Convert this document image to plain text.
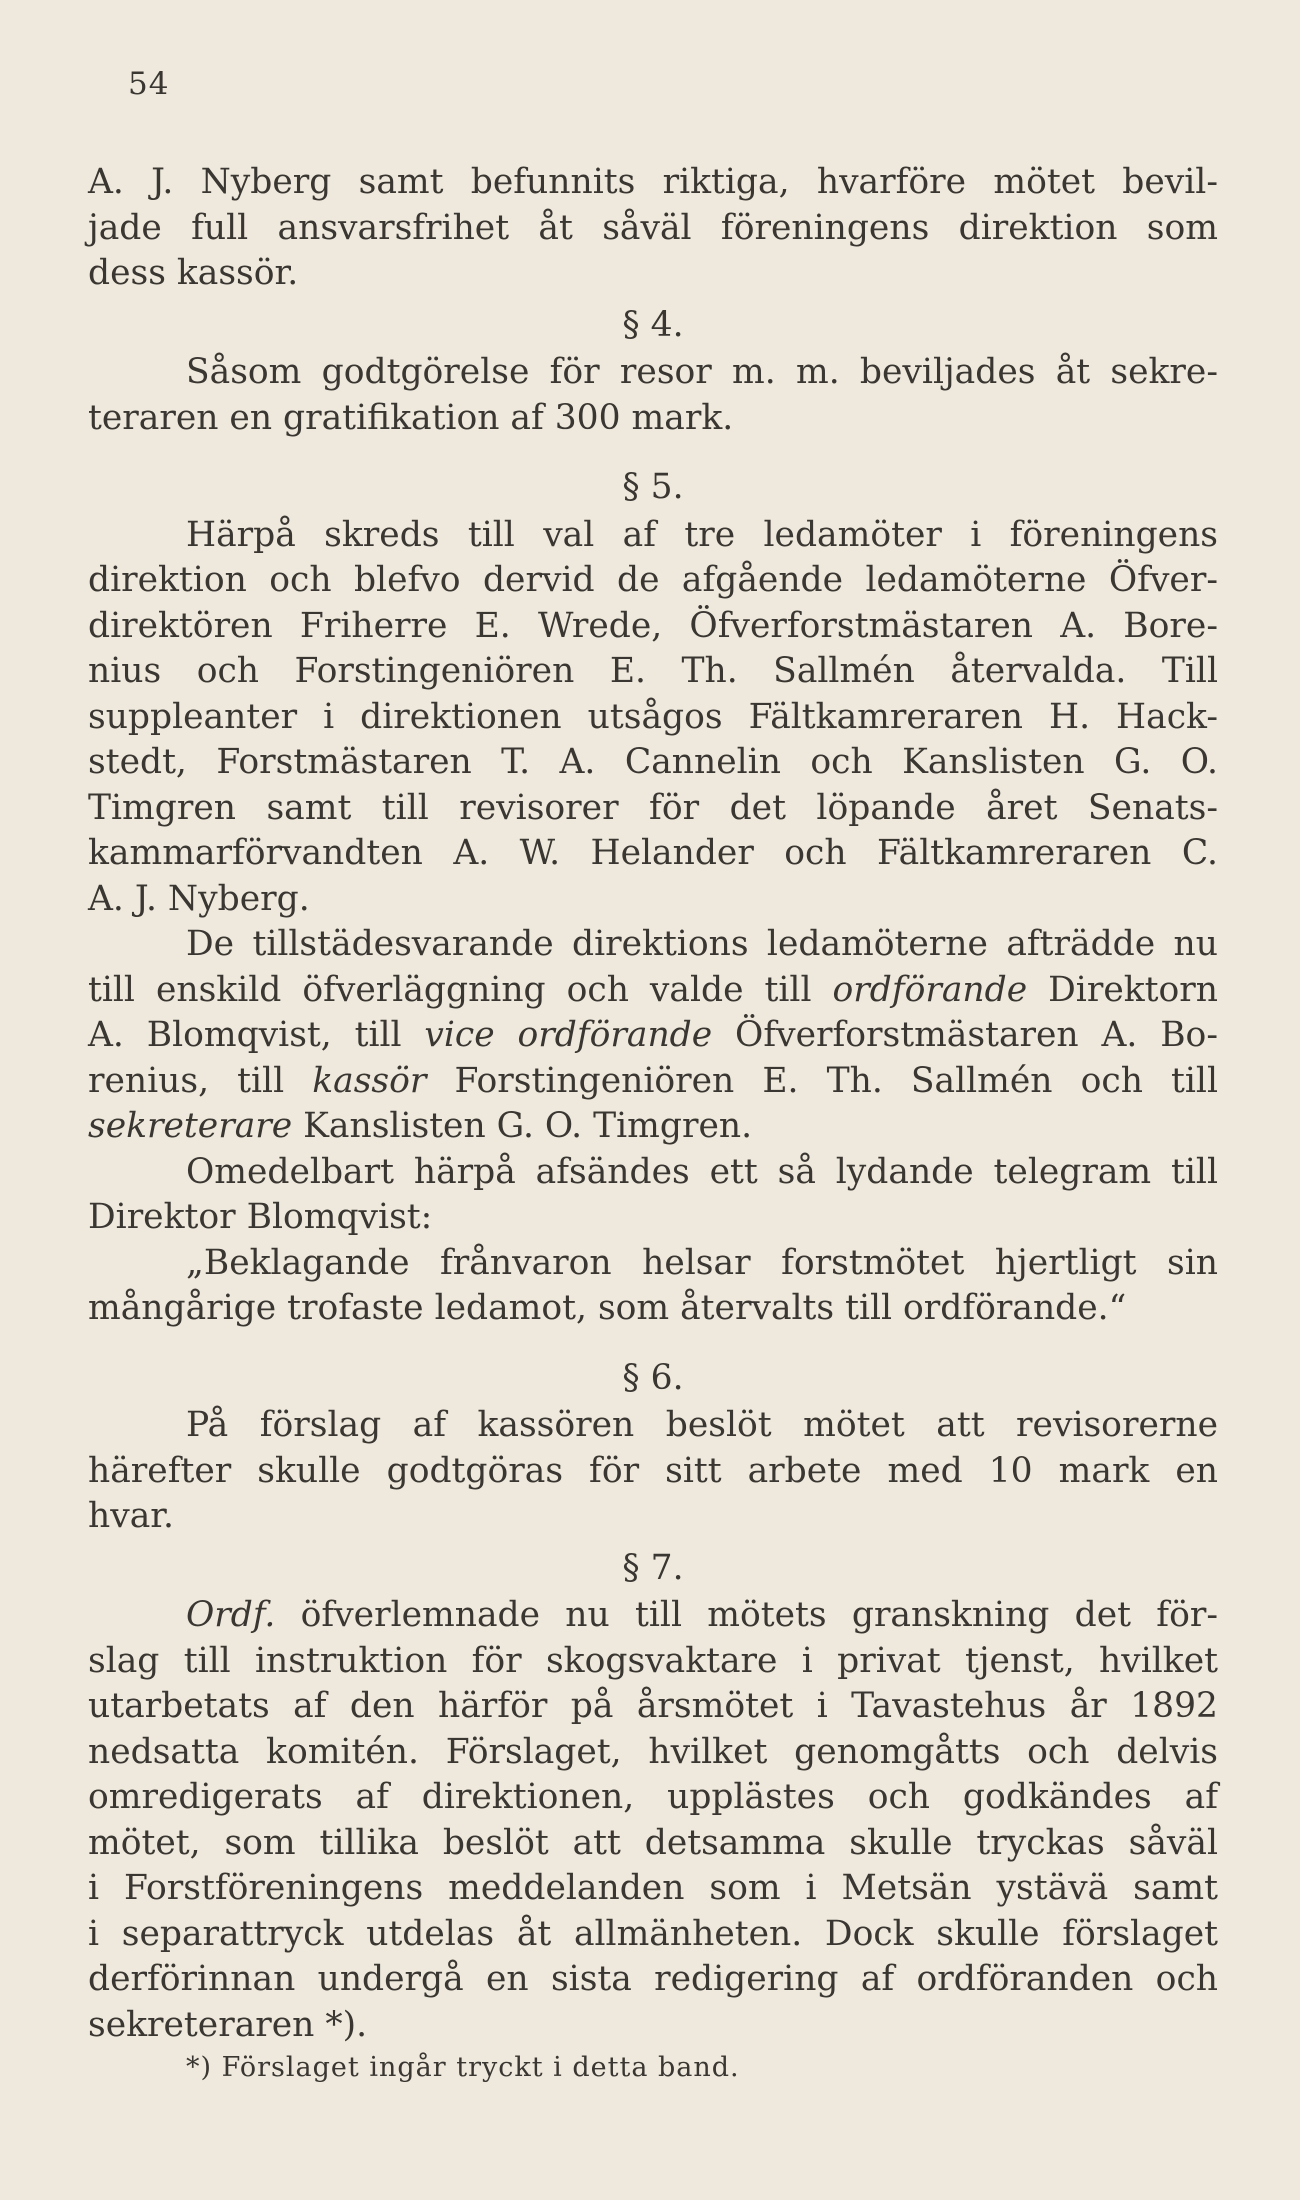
54
A. J. Nyberg samt befunnits riktiga, hvarföre mötet bevil-
jade full ansvarsfrihet åt såväl föreningens direktion som
dess kassör.
§ 4.
Såsom godtgörelse för resor m. m. beviljades åt sekre-
teraren en gratifikation af 300 mark.
§ 5.
Härpå skreds till val af tre ledamöter i föreningens
direktion och blefvo dervid de afgående ledamöterne Öfver-
direktören Friherre E. Wrede, Öfverforstmästaren A. Bore-
nius och Forstingeniören E. Th. Sallmén återvalda. Till
suppleanter i direktionen utsågos Fältkamreraren H. Hack-
stedt, Forstmästaren T. A. Cannelin och Kanslisten G. O.
Timgren samt till revisorer för det löpande året Senats-
kammarförvandten A. W. Helander och Fältkamreraren C.
A. J. Nyberg.
De tillstädesvarande direktions ledamöterne afträdde nu
till enskild öfverläggning och valde till ordförande Direktorn
A. Blomqvist, till vice ordförande Öfverforstmästaren A. Bo-
renius, till kassör Forstingeniören E. Th. Sallmén och till
sekreterare Kanslisten G. O. Timgren.
Omedelbart härpå afsändes ett så lydande telegram till
Direktor Blomqvist:
„Beklagande frånvaron helsar forstmötet hjertligt sin
mångårige trofaste ledamot, som återvalts till ordförande.“
§ 6.
På förslag af kassören beslöt mötet att revisorerne
härefter skulle godtgöras för sitt arbete med 10 mark en
hvar.
§ 7.
Ordf. öfverlemnade nu till mötets granskning det för-
slag till instruktion för skogsvaktare i privat tjenst, hvilket
utarbetats af den härför på årsmötet i Tavastehus år 1892
nedsatta komitén. Förslaget, hvilket genomgåtts och delvis
omredigerats af direktionen, upplästes och godkändes af
mötet, som tillika beslöt att detsamma skulle tryckas såväl
i Forstföreningens meddelanden som i Metsän ystävä samt
i separattryck utdelas åt allmänheten. Dock skulle förslaget
derförinnan undergå en sista redigering af ordföranden och
sekreteraren *).
*) Förslaget ingår tryckt i detta band.
